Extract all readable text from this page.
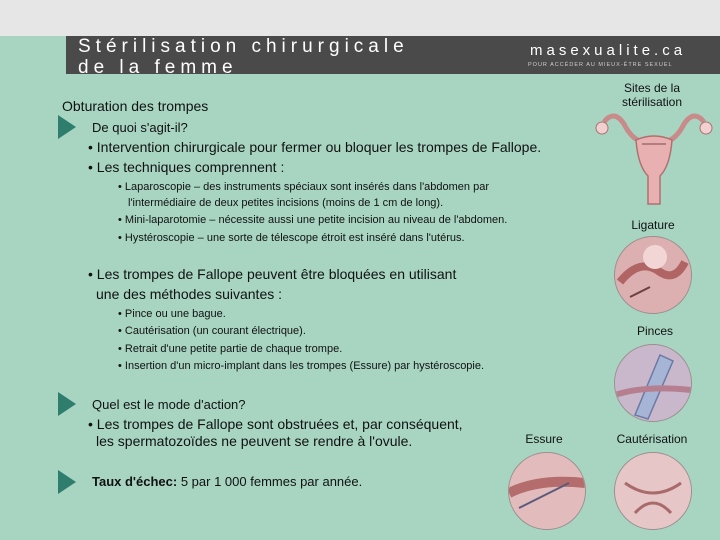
Stérilisation chirurgicale
de la femme
masexualite.ca
POUR ACCÉDER AU MIEUX-ÊTRE SEXUEL
Obturation des trompes
De quoi s'agit-il?
• Intervention chirurgicale pour fermer ou bloquer les trompes de Fallope.
• Les techniques comprennent :
• Laparoscopie – des instruments spéciaux sont insérés dans l'abdomen par
l'intermédiaire de deux petites incisions (moins de 1 cm de long).
• Mini-laparotomie – nécessite aussi une petite incision au niveau de l'abdomen.
• Hystéroscopie – une sorte de télescope étroit est inséré dans l'utérus.
• Les trompes de Fallope peuvent être bloquées en utilisant
une des méthodes suivantes :
• Pince ou une bague.
• Cautérisation (un courant électrique).
• Retrait d'une petite partie de chaque trompe.
• Insertion d'un micro-implant dans les trompes (Essure) par hystéroscopie.
Quel est le mode d'action?
• Les trompes de Fallope sont obstruées et, par conséquent,
les spermatozoïdes ne peuvent se rendre à l'ovule.
Taux d'échec: 5 par 1 000 femmes par année.
Sites de la stérilisation
Ligature
Pinces
Essure	Cautérisation
